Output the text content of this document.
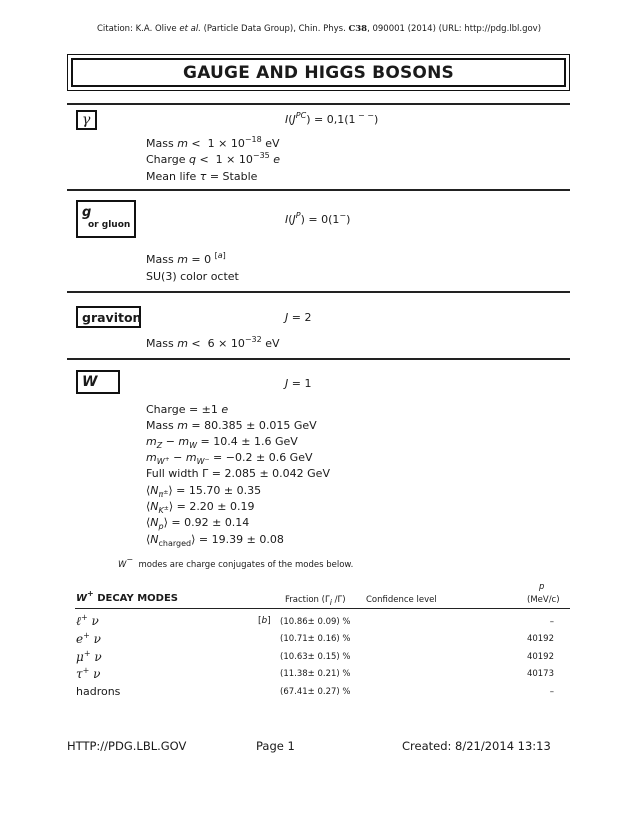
Citation: K.A. Olive et al. (Particle Data Group), Chin. Phys. C38, 090001 (2014) (URL: http://pdg.lbl.gov)
GAUGE AND HIGGS BOSONS
γ	$I(J^{PC}) = 0,1(1$ − −)
Mass $m < 1 \times 10^{-18}$ eV
Charge $q < 1 \times 10^{-35}$ e
Mean life τ = Stable
g
or gluon	$I(J^P) = 0(1^-)$
Mass m = 0 [a]
SU(3) color octet
graviton	J = 2
Mass $m < 6 \times 10^{-32}$ eV
W	J = 1
Charge = ±1 e
Mass m = 80.385 ± 0.015 GeV
$m_Z - m_W = 10.4 \pm 1.6$ GeV
$m_{W^+} - m_{W^-} = -0.2 \pm 0.6$ GeV
Full width Γ = 2.085 ± 0.042 GeV
$⟨N_{\pi^\pm}⟩ = 15.70 \pm 0.35$
$⟨N_{K^\pm}⟩ = 2.20 \pm 0.19$
$⟨N_p⟩ = 0.92 \pm 0.14$
$⟨N_{charged}⟩ = 19.39 \pm 0.08$
W−  modes are charge conjugates of the modes below.
p
W+ DECAY MODES	Fraction ($\Gamma_i$ /Γ) Confidence level	(MeV/c)
ℓ+ ν	[b] (10.86± 0.09) %	–
e+ ν	(10.71± 0.16) %	40192
μ+ ν	(10.63± 0.15) %	40192
τ+ ν	(11.38± 0.21) %	40173
hadrons	(67.41± 0.27) %	–
HTTP://PDG.LBL.GOV	Page 1	Created: 8/21/2014 13:13
